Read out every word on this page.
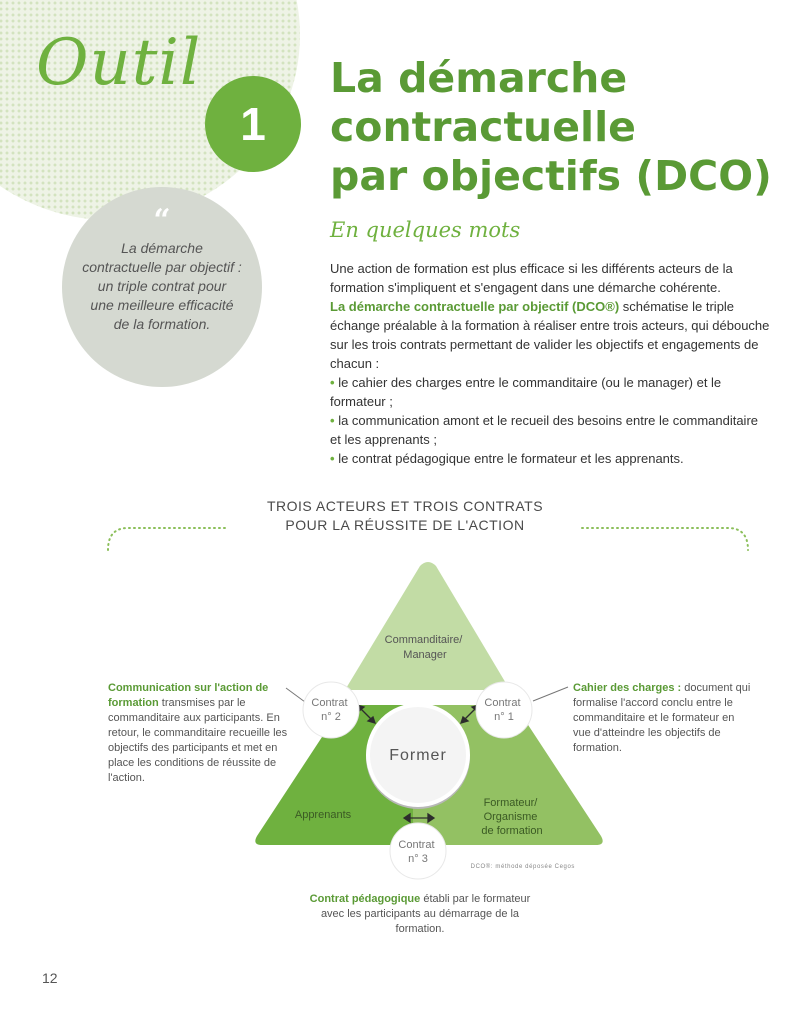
Outil
1
La démarche
contractuelle
par objectifs (DCO)
“
La démarche
contractuelle par objectif :
un triple contrat pour
une meilleure efficacité
de la formation.
En quelques mots

Une action de formation est plus efficace si les différents acteurs de la formation s'impliquent et s'engagent dans une démarche cohérente.

La démarche contractuelle par objectif (DCO®) schématise le triple échange préalable à la formation à réaliser entre trois acteurs, qui débouche sur les trois contrats permettant de valider les objectifs et engagements de chacun :

• le cahier des charges entre le commanditaire (ou le manager) et le formateur ;

• la communication amont et le recueil des besoins entre le commanditaire et les apprenants ;

• le contrat pédagogique entre le formateur et les apprenants.

TROIS ACTEURS ET TROIS CONTRATS
POUR LA RÉUSSITE DE L'ACTION
Former
Commanditaire/ Manager
Apprenants
Formateur/ Organisme de formation
Contrat n° 2
Contrat n° 1
Contrat n° 3
DCO®: méthode déposée Cegos
Communication sur l'action de formation transmises par le commanditaire aux participants. En retour, le commanditaire recueille les objectifs des participants et met en place les conditions de réussite de l'action.
Cahier des charges : document qui formalise l'accord conclu entre le commanditaire et le formateur en vue d'atteindre les objectifs de formation.
Contrat pédagogique établi par le formateur avec les participants au démarrage de la formation.
12
